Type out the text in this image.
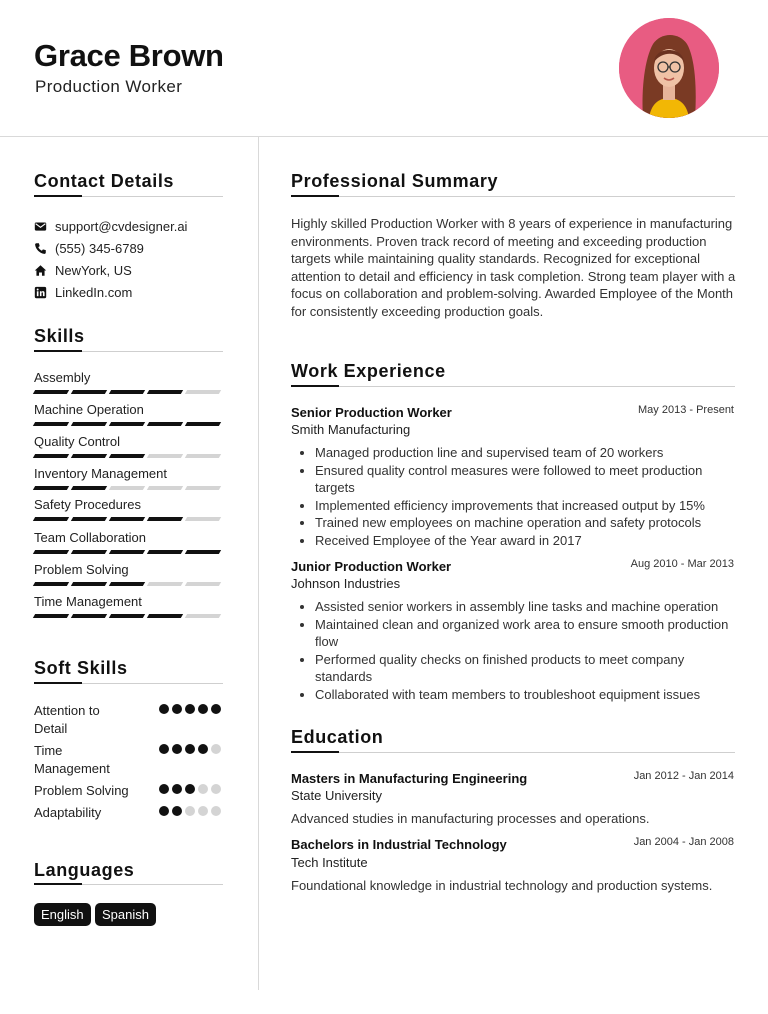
Grace Brown
Production Worker
Contact Details
support@cvdesigner.ai
(555) 345-6789
NewYork, US
LinkedIn.com
Skills
Assembly
Machine Operation
Quality Control
Inventory Management
Safety Procedures
Team Collaboration
Problem Solving
Time Management
Soft Skills
Attention to Detail
Time Management
Problem Solving
Adaptability
Languages
English	Spanish
Professional Summary
Highly skilled Production Worker with 8 years of experience in manufacturing environments. Proven track record of meeting and exceeding production targets while maintaining quality standards. Recognized for exceptional attention to detail and efficiency in task completion. Strong team player with a focus on collaboration and problem-solving. Awarded Employee of the Month for consistently exceeding production goals.
Work Experience
Senior Production Worker	May 2013 - Present
Smith Manufacturing
Managed production line and supervised team of 20 workers
Ensured quality control measures were followed to meet production targets
Implemented efficiency improvements that increased output by 15%
Trained new employees on machine operation and safety protocols
Received Employee of the Year award in 2017
Junior Production Worker	Aug 2010 - Mar 2013
Johnson Industries
Assisted senior workers in assembly line tasks and machine operation
Maintained clean and organized work area to ensure smooth production flow
Performed quality checks on finished products to meet company standards
Collaborated with team members to troubleshoot equipment issues
Education
Masters in Manufacturing Engineering	Jan 2012 - Jan 2014
State University
Advanced studies in manufacturing processes and operations.
Bachelors in Industrial Technology	Jan 2004 - Jan 2008
Tech Institute
Foundational knowledge in industrial technology and production systems.
